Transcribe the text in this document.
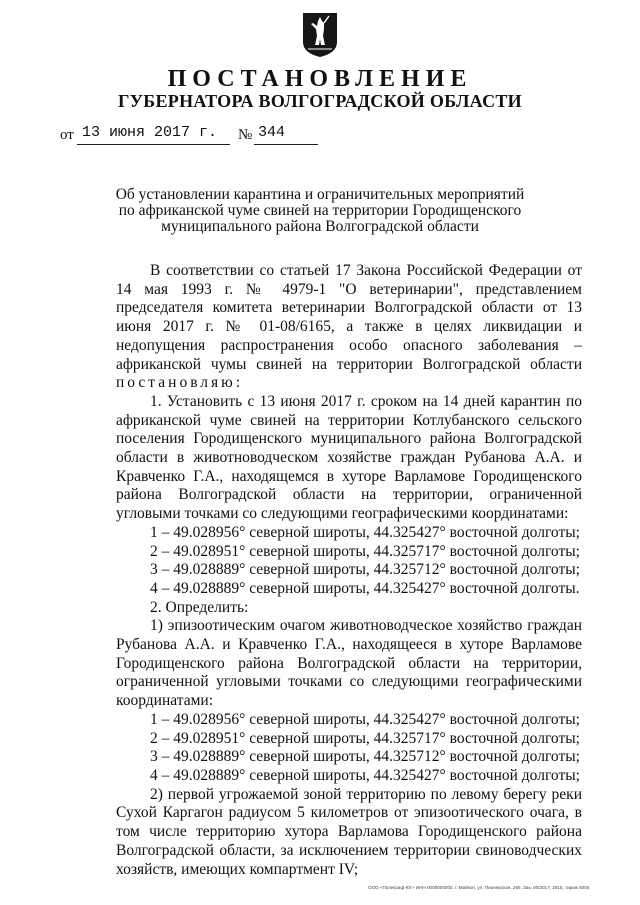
ПОСТАНОВЛЕНИЕ
ГУБЕРНАТОРА ВОЛГОГРАДСКОЙ ОБЛАСТИ
от 13 июня 2017 г. № 344
Об установлении карантина и ограничительных мероприятий
по африканской чуме свиней на территории Городищенского
муниципального района Волгоградской области

В соответствии со статьей 17 Закона Российской Федерации от 14 мая 1993 г. № 4979-1 "О ветеринарии", представлением председателя комитета ветеринарии Волгоградской области от 13 июня 2017 г. № 01-08/6165, а также в целях ликвидации и недопущения распространения особо опасного заболевания – африканской чумы свиней на территории Волгоградской области постановляю:

1. Установить с 13 июня 2017 г. сроком на 14 дней карантин по африканской чуме свиней на территории Котлубанского сельского поселения Городищенского муниципального района Волгоградской области в животноводческом хозяйстве граждан Рубанова А.А. и Кравченко Г.А., находящемся в хуторе Варламове Городищенского района Волгоградской области на территории, ограниченной угловыми точками со следующими географическими координатами:

1 – 49.028956° северной широты, 44.325427° восточной долготы;

2 – 49.028951° северной широты, 44.325717° восточной долготы;

3 – 49.028889° северной широты, 44.325712° восточной долготы;

4 – 49.028889° северной широты, 44.325427° восточной долготы.

2. Определить:

1) эпизоотическим очагом животноводческое хозяйство граждан Рубанова А.А. и Кравченко Г.А., находящееся в хуторе Варламове Городищенского района Волгоградской области на территории, ограниченной угловыми точками со следующими географическими координатами:

1 – 49.028956° северной широты, 44.325427° восточной долготы;

2 – 49.028951° северной широты, 44.325717° восточной долготы;

3 – 49.028889° северной широты, 44.325712° восточной долготы;

4 – 49.028889° северной широты, 44.325427° восточной долготы;

2) первой угрожаемой зоной территорию по левому берегу реки Сухой Каргагон радиусом 5 километров от эпизоотического очага, в том числе территорию хутора Варламова Городищенского района Волгоградской области, за исключением территории свиноводческих хозяйств, имеющих компартмент IV;

ООО «Полиграф-Юг» ИНН 0000000000, г. Майкоп, ул. Пионерская, 266. Зак. 00/2017, 2015, тираж 5000
